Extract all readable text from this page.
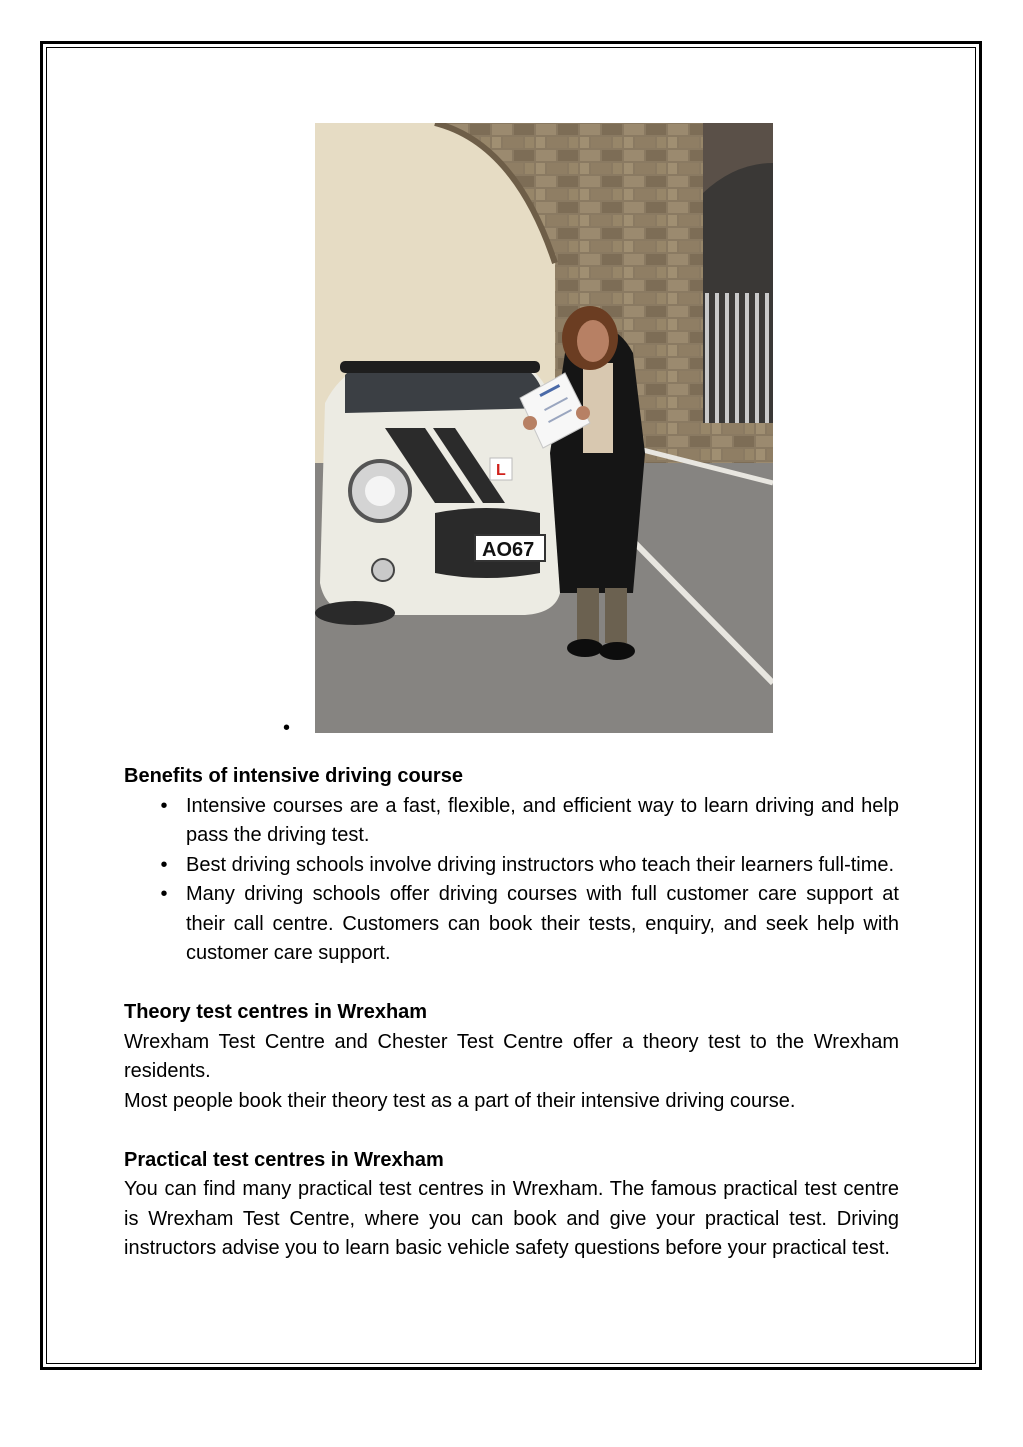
•
L
AO67
Benefits of intensive driving course
• Intensive courses are a fast, flexible, and efficient way to learn driving and help pass the driving test.
• Best driving schools involve driving instructors who teach their learners full-time.
• Many driving schools offer driving courses with full customer care support at their call centre. Customers can book their tests, enquiry, and seek help with customer care support.
Theory test centres in Wrexham
Wrexham Test Centre and Chester Test Centre offer a theory test to the Wrexham residents.
Most people book their theory test as a part of their intensive driving course.
Practical test centres in Wrexham
You can find many practical test centres in Wrexham. The famous practical test centre is Wrexham Test Centre, where you can book and give your practical test. Driving instructors advise you to learn basic vehicle safety questions before your practical test.
